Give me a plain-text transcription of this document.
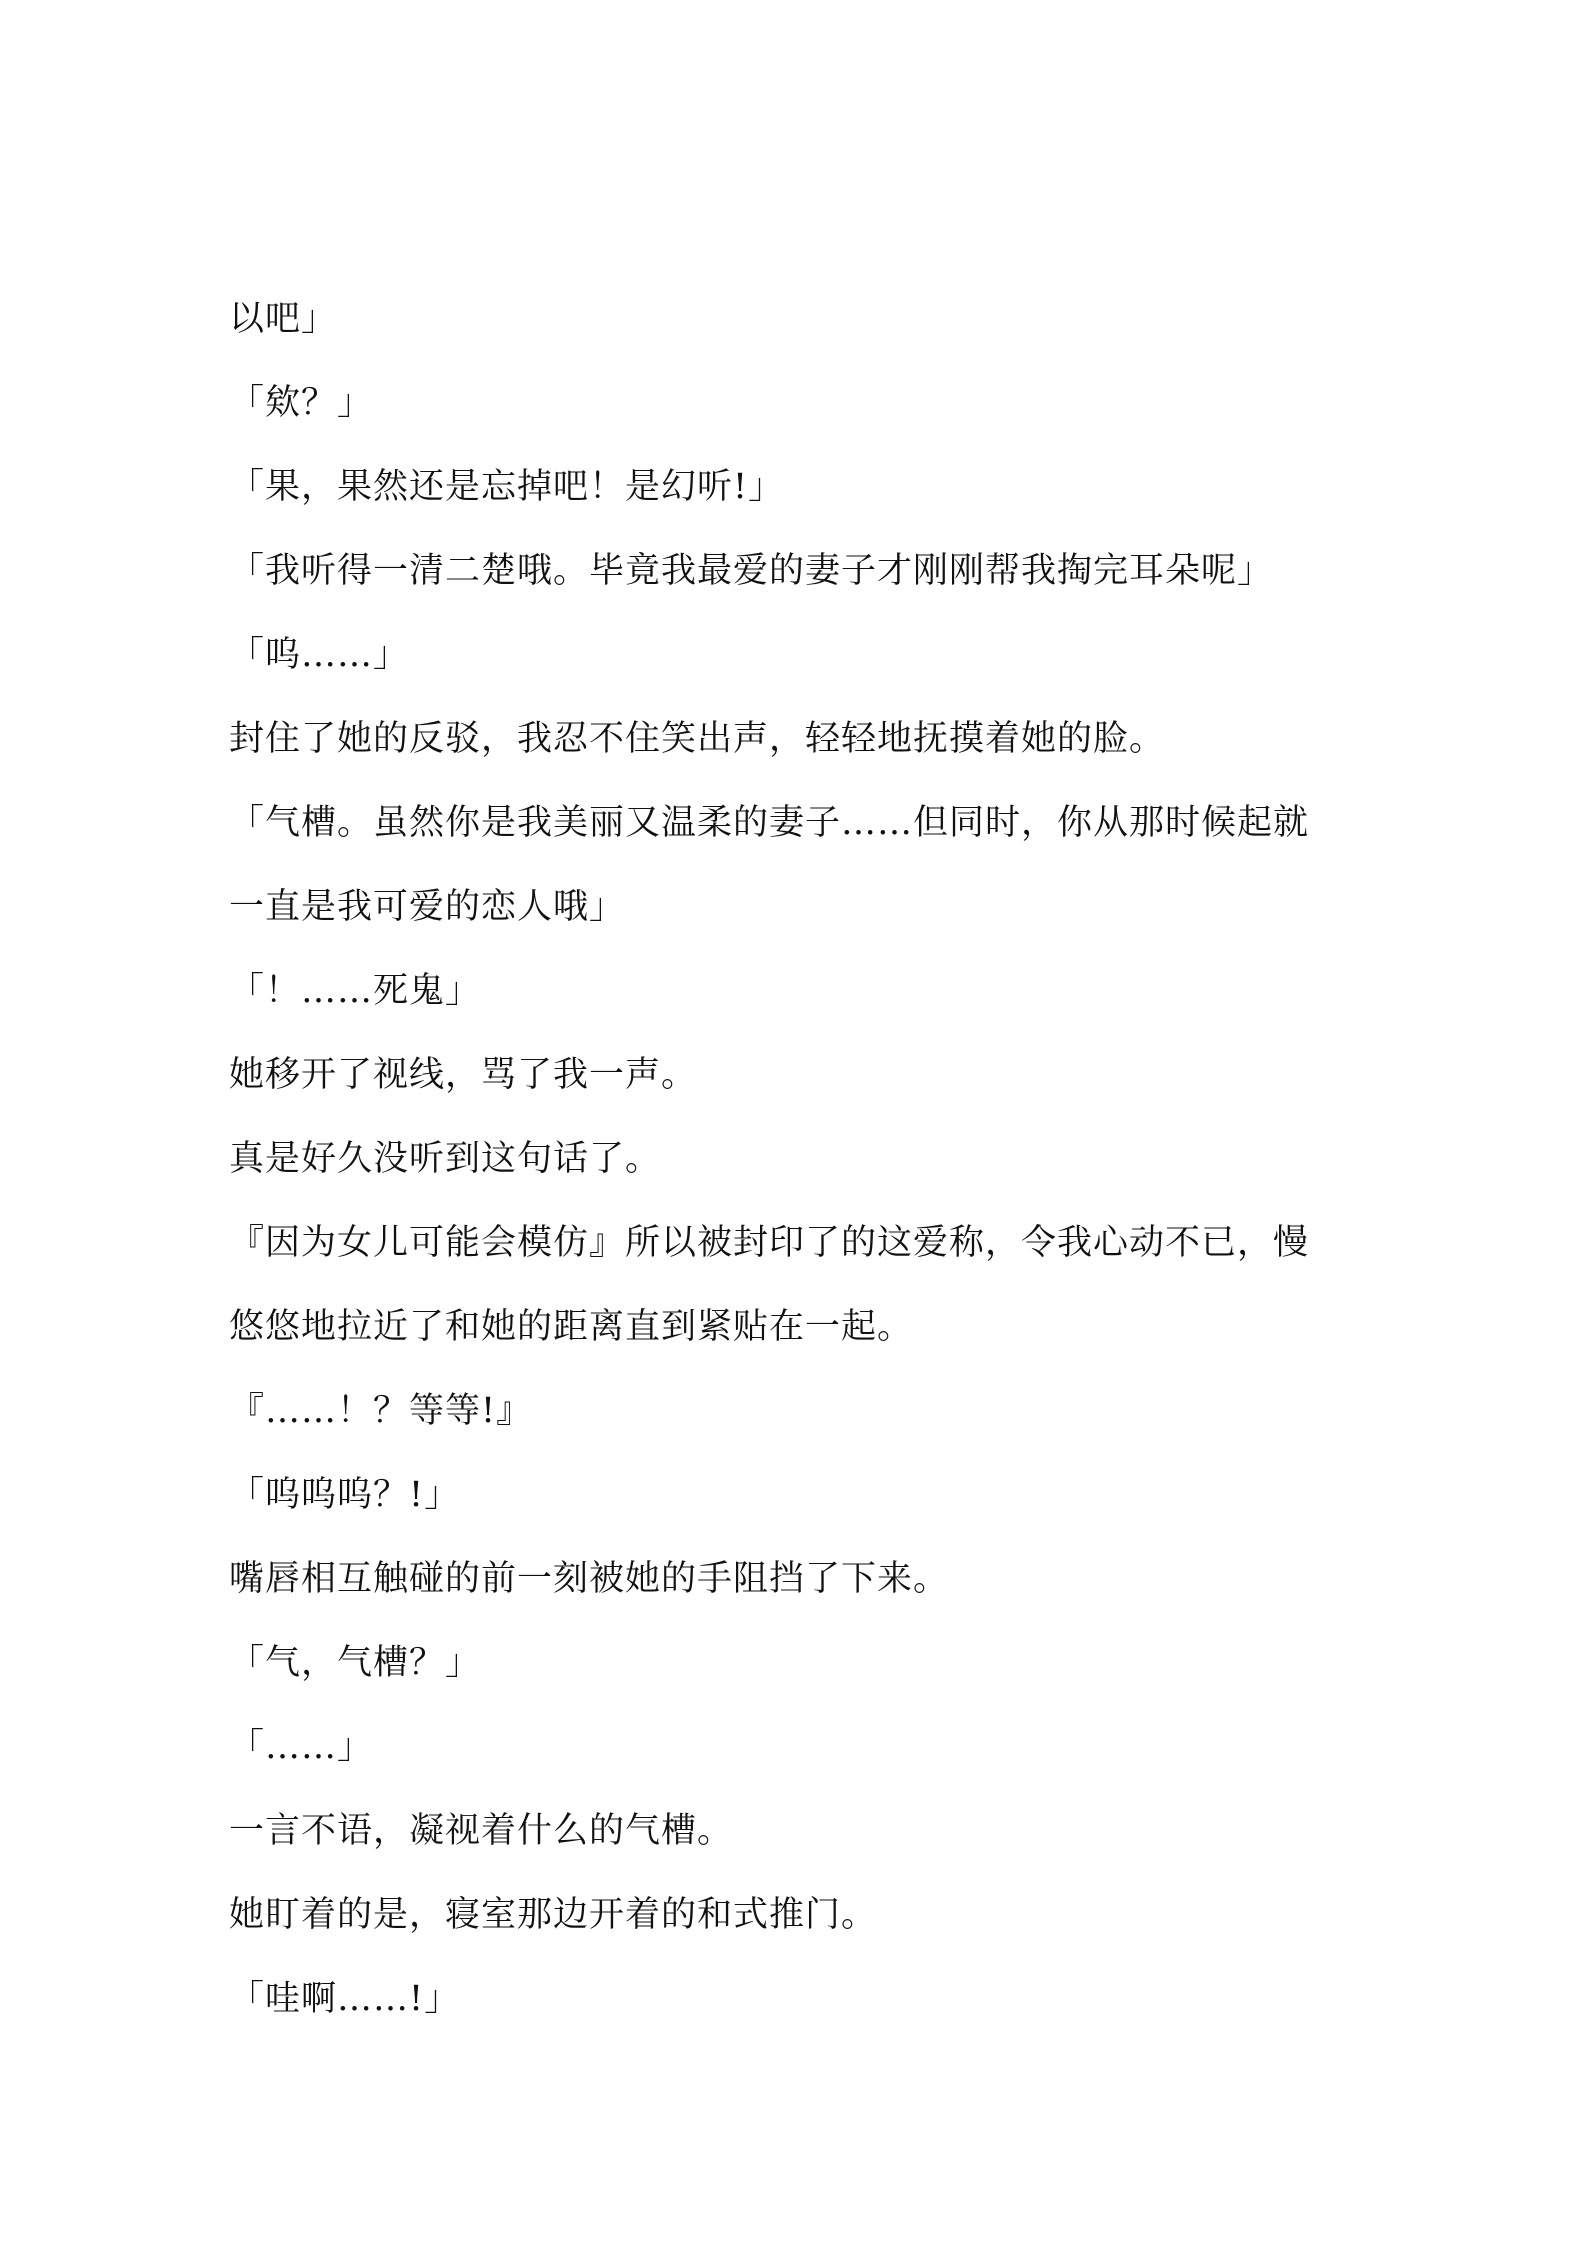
以吧」

「欸？」

「果，果然还是忘掉吧！是幻听!」

「我听得一清二楚哦。毕竟我最爱的妻子才刚刚帮我掏完耳朵呢」

「呜……」

封住了她的反驳，我忍不住笑出声，轻轻地抚摸着她的脸。

「气槽。虽然你是我美丽又温柔的妻子……但同时，你从那时候起就

一直是我可爱的恋人哦」

「！……死鬼」

她移开了视线，骂了我一声。

真是好久没听到这句话了。

『因为女儿可能会模仿』所以被封印了的这爱称，令我心动不已，慢

悠悠地拉近了和她的距离直到紧贴在一起。

『……！？等等!』

「呜呜呜？!」

嘴唇相互触碰的前一刻被她的手阻挡了下来。

「气，气槽？」

「……」

一言不语，凝视着什么的气槽。

她盯着的是，寝室那边开着的和式推门。

「哇啊……!」
